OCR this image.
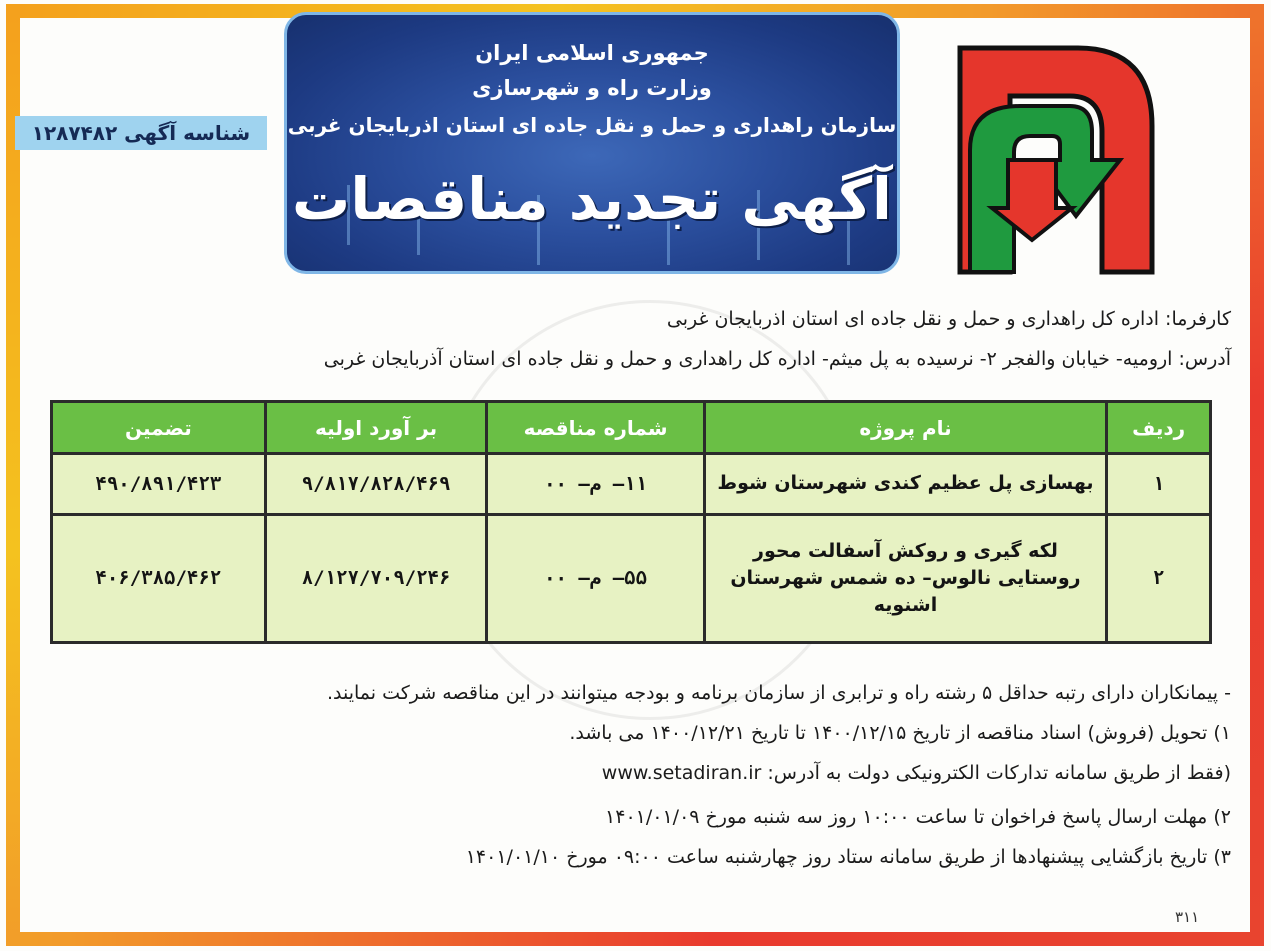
جمهوری اسلامی ایران
وزارت راه و شهرسازی
سازمان راهداری و حمل و نقل جاده ای استان اذربایجان غربی
آگهی تجدید مناقصات
شناسه آگهی ۱۲۸۷۴۸۲
کارفرما: اداره کل راهداری و حمل و نقل جاده ای استان اذربایجان غربی
آدرس: ارومیه- خیابان والفجر ۲- نرسیده به پل میثم- اداره کل راهداری و حمل و نقل جاده ای استان آذربایجان غربی
ردیف	نام پروژه	شماره مناقصه	بر آورد اولیه	تضمین
۱	بهسازی پل عظیم کندی شهرستان شوط	۱۱– م– ۰۰	۹/۸۱۷/۸۲۸/۴۶۹	۴۹۰/۸۹۱/۴۲۳
۲	لکه گیری و روکش آسفالت محور روستایی نالوس– ده شمس شهرستان اشنویه	۵۵– م– ۰۰	۸/۱۲۷/۷۰۹/۲۴۶	۴۰۶/۳۸۵/۴۶۲
- پیمانکاران دارای رتبه حداقل ۵ رشته راه و ترابری از سازمان برنامه و بودجه میتوانند در این مناقصه شرکت نمایند.
۱) تحویل (فروش) اسناد مناقصه از تاریخ ۱۴۰۰/۱۲/۱۵ تا تاریخ ۱۴۰۰/۱۲/۲۱ می باشد.
(فقط از طریق سامانه تدارکات الکترونیکی دولت به آدرس: www.setadiran.ir
۲) مهلت ارسال پاسخ فراخوان تا ساعت ۱۰:۰۰ روز سه شنبه مورخ ۱۴۰۱/۰۱/۰۹
۳) تاریخ بازگشایی پیشنهادها از طریق سامانه ستاد روز چهارشنبه ساعت ۰۹:۰۰ مورخ ۱۴۰۱/۰۱/۱۰
۳۱۱
